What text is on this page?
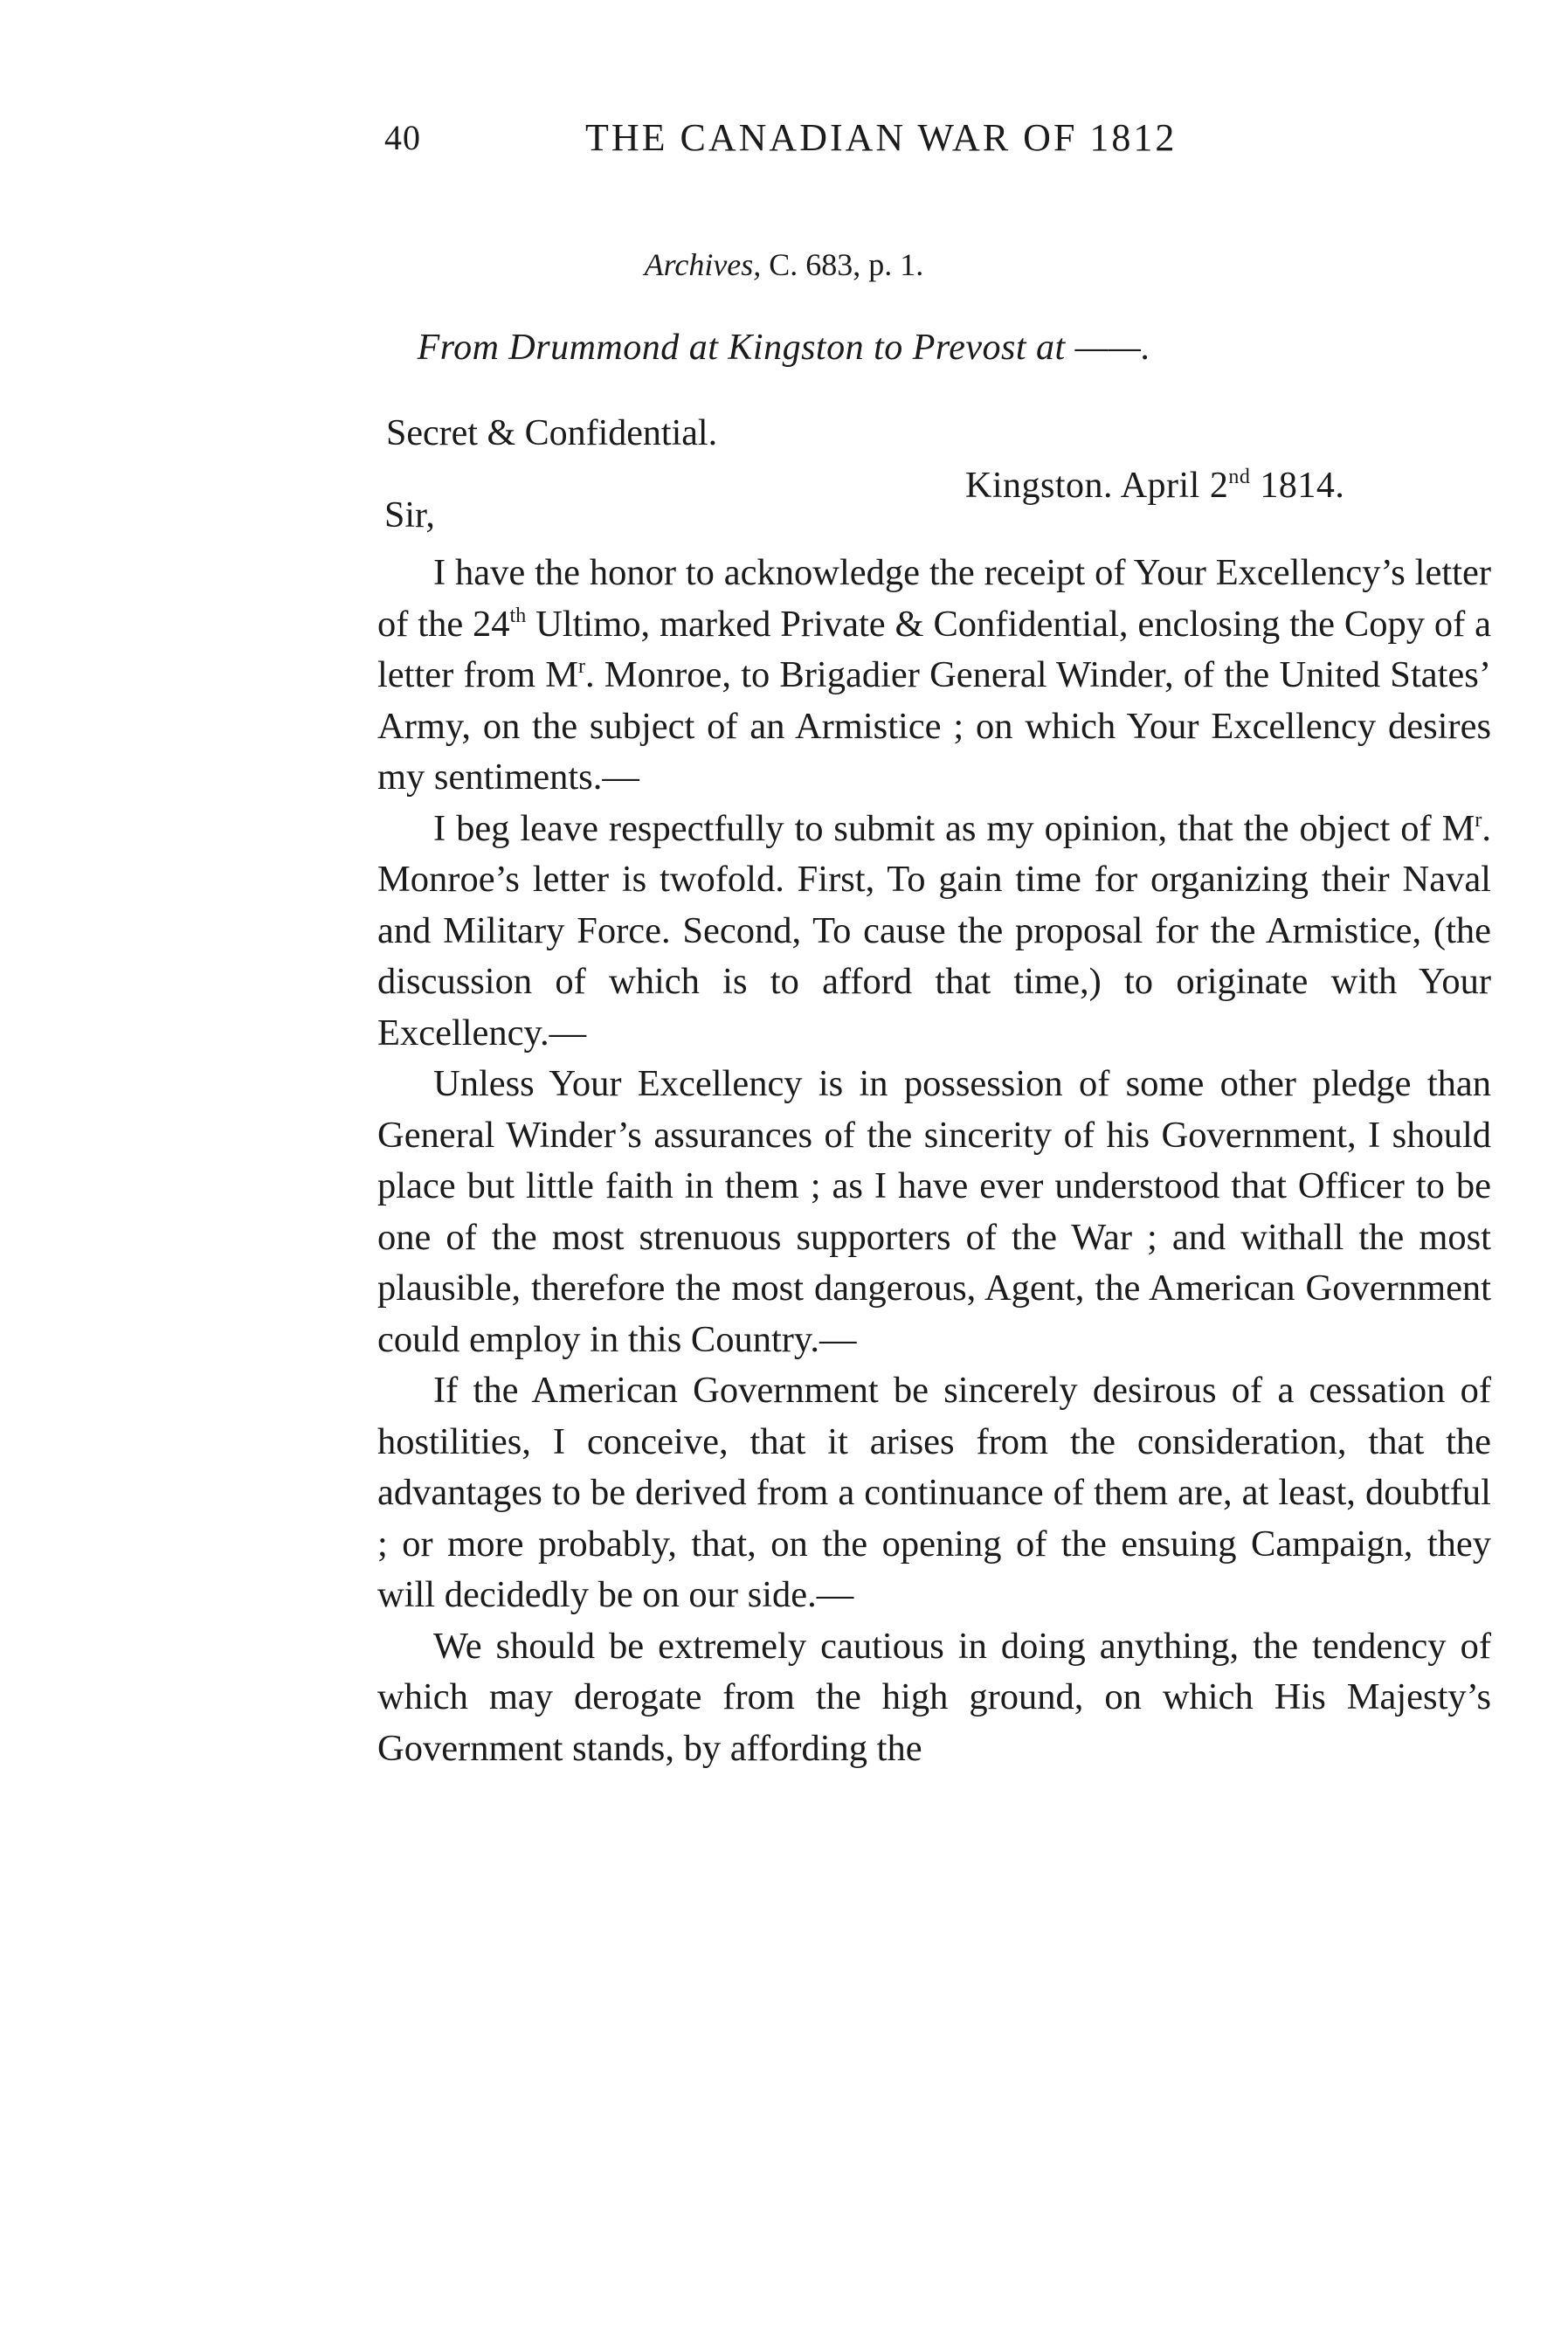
40	THE CANADIAN WAR OF 1812
Archives, C. 683, p. 1.
From Drummond at Kingston to Prevost at ——.
Secret & Confidential.
Kingston. April 2nd 1814.
Sir,

I have the honor to acknowledge the receipt of Your Excellency’s letter of the 24th Ultimo, marked Private & Confidential, enclosing the Copy of a letter from $M^r$. Monroe, to Brigadier General Winder, of the United States’ Army, on the subject of an Armistice ; on which Your Excellency desires my sentiments.—

I beg leave respectfully to submit as my opinion, that the object of $M^r$. Monroe’s letter is twofold. First, To gain time for organizing their Naval and Military Force. Second, To cause the proposal for the Armistice, (the discussion of which is to afford that time,) to originate with Your Excellency.—

Unless Your Excellency is in possession of some other pledge than General Winder’s assurances of the sincerity of his Government, I should place but little faith in them ; as I have ever understood that Officer to be one of the most strenuous supporters of the War ; and withall the most plausible, therefore the most dangerous, Agent, the American Government could employ in this Country.—

If the American Government be sincerely desirous of a cessation of hostilities, I conceive, that it arises from the consideration, that the advantages to be derived from a continuance of them are, at least, doubtful ; or more probably, that, on the opening of the ensuing Campaign, they will decidedly be on our side.—

We should be extremely cautious in doing anything, the tendency of which may derogate from the high ground, on which His Majesty’s Government stands, by affording the
